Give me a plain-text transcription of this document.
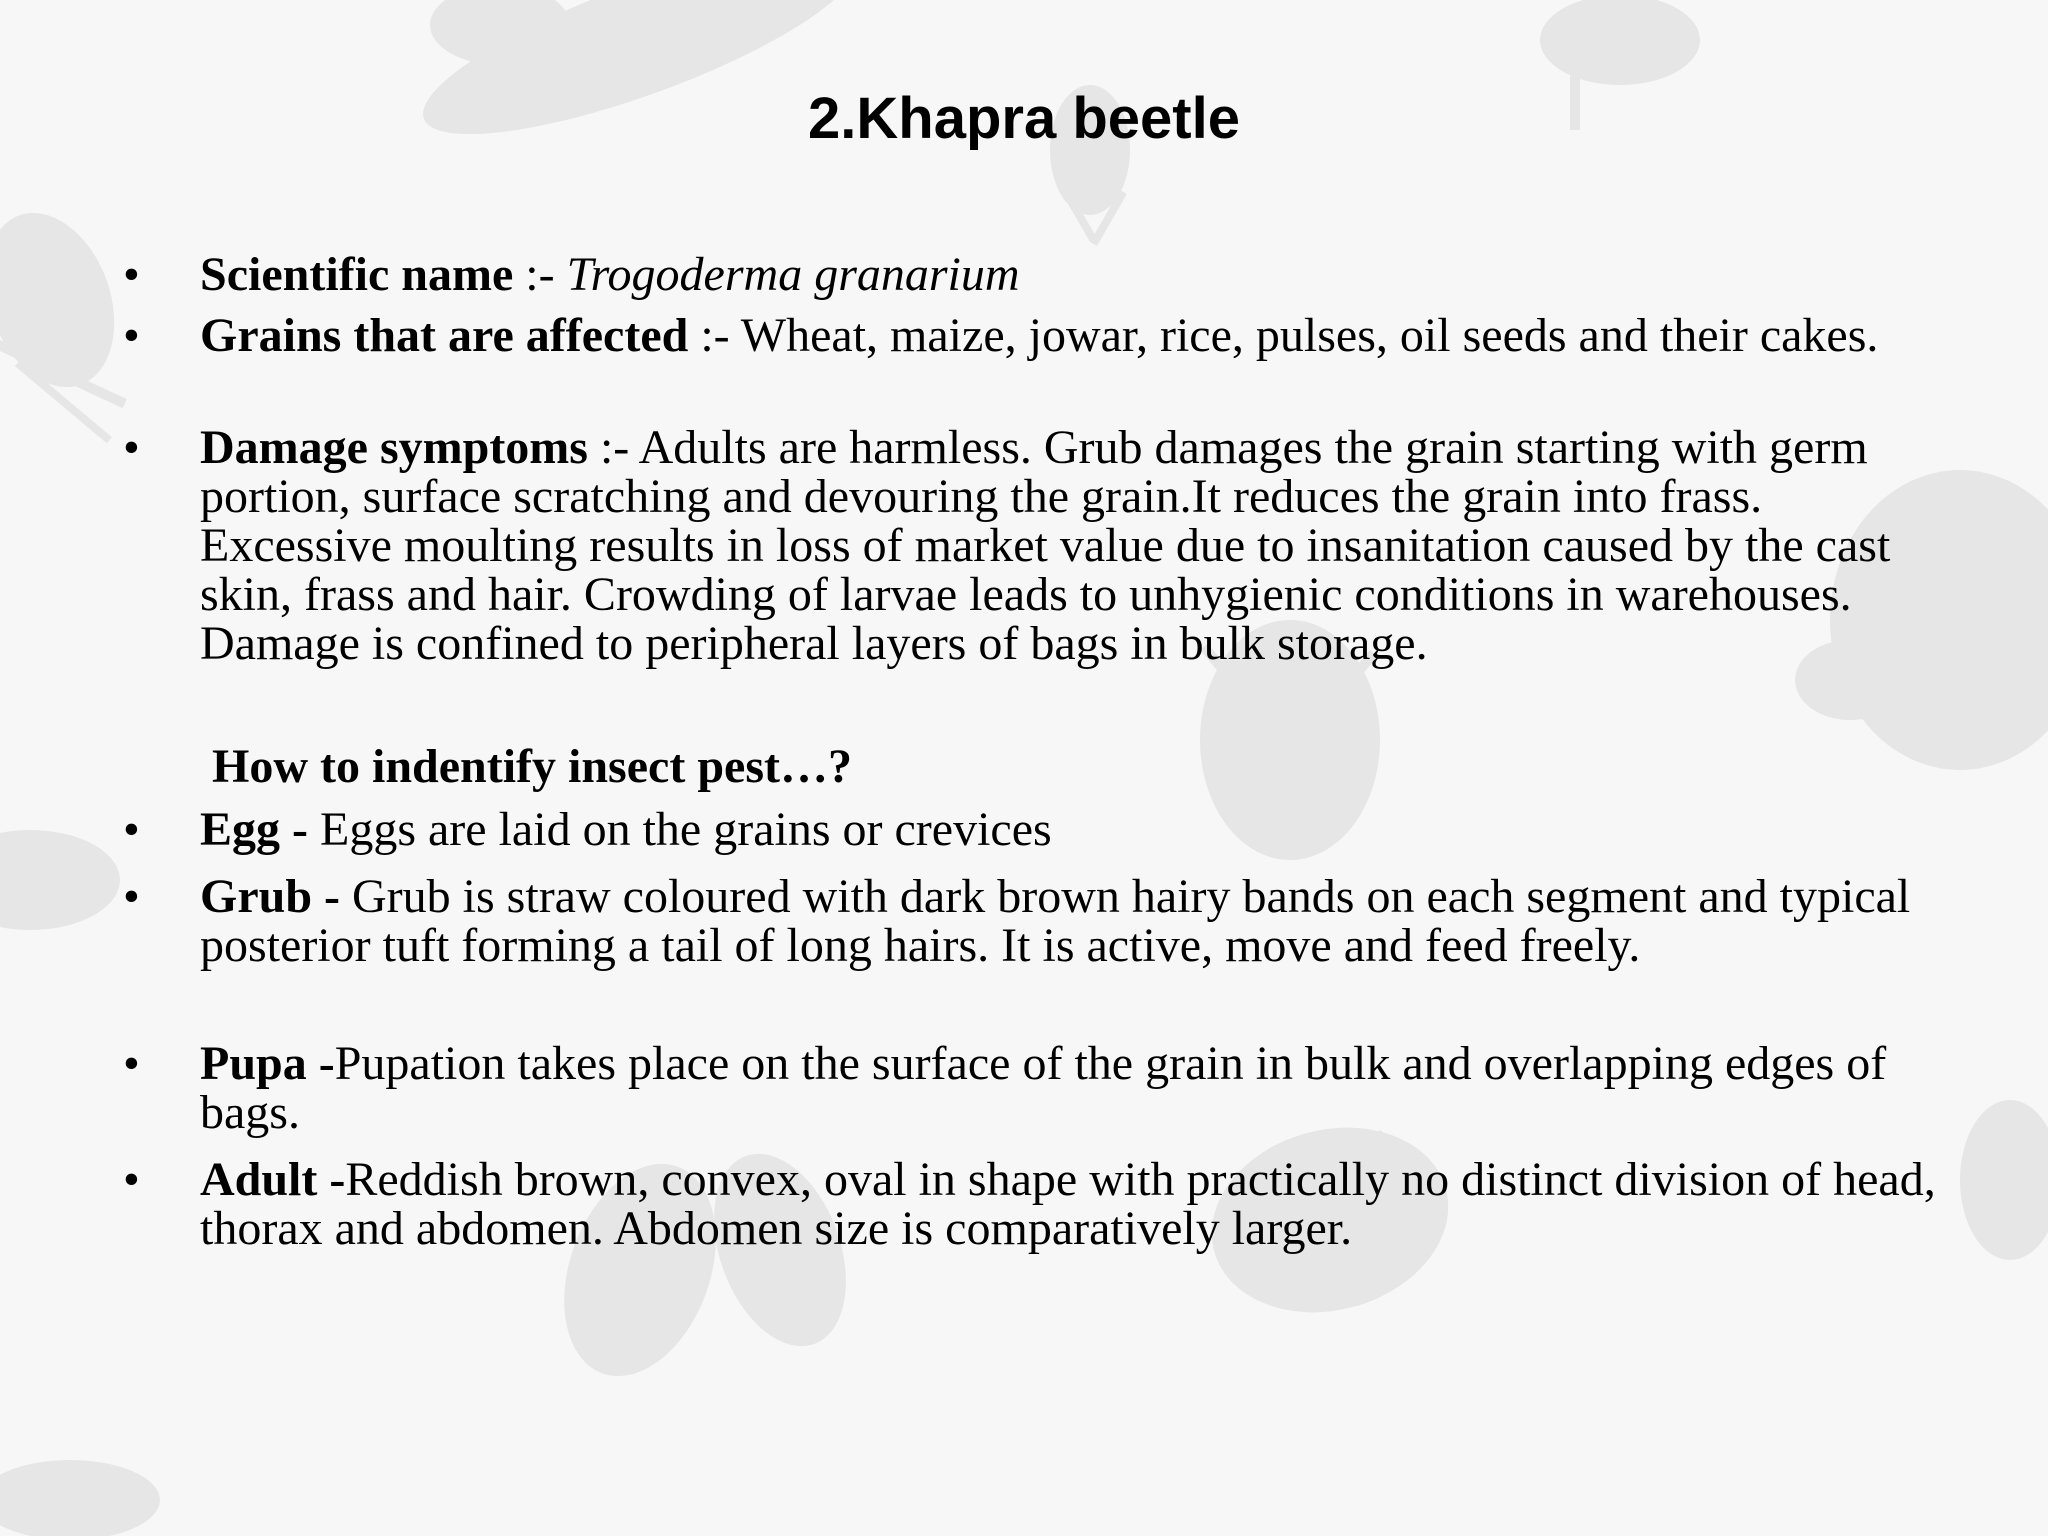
2.Khapra beetle
• Scientific name :- Trogoderma granarium
• Grains that are affected :- Wheat, maize, jowar, rice, pulses, oil seeds and their cakes.
• Damage symptoms :- Adults are harmless. Grub damages the grain starting with germ portion, surface scratching and devouring the grain.It reduces the grain into frass. Excessive moulting results in loss of market value due to insanitation caused by the cast skin, frass and hair. Crowding of larvae leads to unhygienic conditions in warehouses. Damage is confined to peripheral layers of bags in bulk storage.
How to indentify insect pest…?
• Egg - Eggs are laid on the grains or crevices
• Grub - Grub is straw coloured with dark brown hairy bands on each segment and typical posterior tuft forming a tail of long hairs. It is active, move and feed freely.
• Pupa -Pupation takes place on the surface of the grain in bulk and overlapping edges of bags.
• Adult -Reddish brown, convex, oval in shape with practically no distinct division of head, thorax and abdomen. Abdomen size is comparatively larger.
